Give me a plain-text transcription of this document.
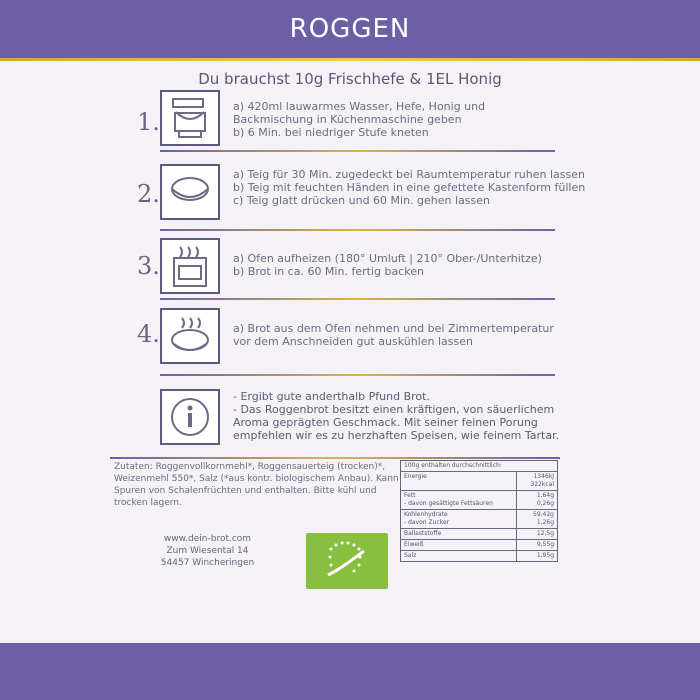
ROGGEN
Du brauchst 10g Frischhefe & 1EL Honig
1.
a) 420ml lauwarmes Wasser, Hefe, Honig und
Backmischung in Küchenmaschine geben
b) 6 Min. bei niedriger Stufe kneten
2.
a) Teig für 30 Min. zugedeckt bei Raumtemperatur ruhen lassen
b) Teig mit feuchten Händen in eine gefettete Kastenform füllen
c) Teig glatt drücken und 60 Min. gehen lassen
3.	a) Ofen aufheizen (180° Umluft | 210° Ober-/Unterhitze)
b) Brot in ca. 60 Min. fertig backen
4.	a) Brot aus dem Ofen nehmen und bei Zimmertemperatur
vor dem Anschneiden gut auskühlen lassen
- Ergibt gute anderthalb Pfund Brot.
- Das Roggenbrot besitzt einen kräftigen, von säuerlichem
Aroma geprägten Geschmack. Mit seiner feinen Porung
empfehlen wir es zu herzhaften Speisen, wie feinem Tartar.
Zutaten: Roggenvollkornmehl*, Roggensauerteig (trocken)*, Weizenmehl 550*, Salz (*aus kontr. biologischem Anbau). Kann Spuren von Schalenfrüchten und enthalten. Bitte kühl und trocken lagern.
www.dein-brot.com
Zum Wiesental 14
54457 Wincheringen
100g enthalten durchschnittlich:	
Energie	1346kJ
322kcal
Fett
- davon gesättigte Fettsäuren	1,64g
0,26g
Kohlenhydrate
- davon Zucker	59,42g
1,26g
Ballaststoffe	12,5g
Eiweiß	9,55g
Salz	1,95g
